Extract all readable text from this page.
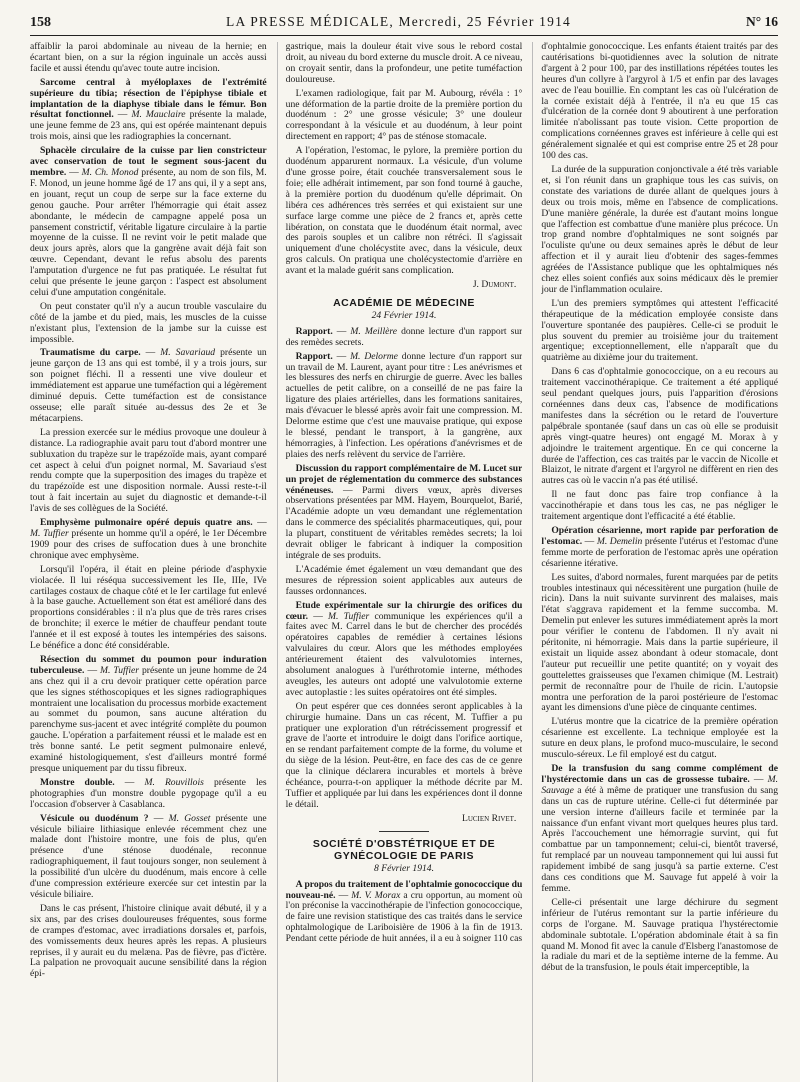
158	LA PRESSE MÉDICALE, Mercredi, 25 Février 1914	N° 16

affaiblir la paroi abdominale au niveau de la hernie; en écartant bien, on a sur la région inguinale un accès aussi facile et aussi étendu qu'avec toute autre incision.

Sarcome central à myéloplaxes de l'extrémité supérieure du tibia; résection de l'épiphyse tibiale et implantation de la diaphyse tibiale dans le fémur. Bon résultat fonctionnel. — M. Mauclaire présente la malade, une jeune femme de 23 ans, qui est opérée maintenant depuis trois mois, ainsi que les radiographies la concernant.

Sphacèle circulaire de la cuisse par lien constricteur avec conservation de tout le segment sous-jacent du membre. — M. Ch. Monod présente, au nom de son fils, M. F. Monod, un jeune homme âgé de 17 ans qui, il y a sept ans, en jouant, reçut un coup de serpe sur la face externe du genou gauche. Pour arrêter l'hémorragie qui était assez abondante, le médecin de campagne appelé posa un pansement constrictif, véritable ligature circulaire à la partie moyenne de la cuisse. Il ne revint voir le petit malade que deux jours après, alors que la gangrène avait déjà fait son œuvre. Cependant, devant le refus absolu des parents l'amputation d'urgence ne fut pas pratiquée. Le résultat fut celui que présente le jeune garçon : l'aspect est absolument celui d'une amputation congénitale.

On peut constater qu'il n'y a aucun trouble vasculaire du côté de la jambe et du pied, mais, les muscles de la cuisse n'existant plus, l'extension de la jambe sur la cuisse est impossible.

Traumatisme du carpe. — M. Savariaud présente un jeune garçon de 13 ans qui est tombé, il y a trois jours, sur son poignet fléchi. Il a ressenti une vive douleur et immédiatement est apparue une tuméfaction qui a légèrement diminué depuis. Cette tuméfaction est de consistance osseuse; elle paraît située au-dessus des 2e et 3e métacarpiens.

La pression exercée sur le médius provoque une douleur à distance. La radiographie avait paru tout d'abord montrer une subluxation du trapèze sur le trapézoïde mais, ayant comparé cet aspect à celui d'un poignet normal, M. Savariaud s'est rendu compte que la superposition des images du trapèze et du trapézoïde est une disposition normale. Aussi reste-t-il tout à fait incertain au sujet du diagnostic et demande-t-il l'avis de ses collègues de la Société.

Emphysème pulmonaire opéré depuis quatre ans. — M. Tuffier présente un homme qu'il a opéré, le 1er Décembre 1909 pour des crises de suffocation dues à une bronchite chronique avec emphysème.

Lorsqu'il l'opéra, il était en pleine période d'asphyxie violacée. Il lui réséqua successivement les IIe, IIIe, IVe cartilages costaux de chaque côté et le Ier cartilage fut enlevé à la base gauche. Actuellement son état est amélioré dans des proportions considérables : il n'a plus que de très rares crises de bronchite; il exerce le métier de chauffeur pendant toute l'année et il est exposé à toutes les intempéries des saisons. Le bénéfice a donc été considérable.

Résection du sommet du poumon pour induration tuberculeuse. — M. Tuffier présente un jeune homme de 24 ans chez qui il a cru devoir pratiquer cette opération parce que les signes stéthoscopiques et les signes radiographiques montraient une localisation du processus morbide exactement au sommet du poumon, sans aucune altération du parenchyme sus-jacent et avec intégrité complète du poumon gauche. L'opération a parfaitement réussi et le malade est en très bonne santé. Le petit segment pulmonaire enlevé, examiné histologiquement, s'est d'ailleurs montré formé presque uniquement par du tissu fibreux.

Monstre double. — M. Rouvillois présente les photographies d'un monstre double pygopage qu'il a eu l'occasion d'observer à Casablanca.

Vésicule ou duodénum ? — M. Gosset présente une vésicule biliaire lithiasique enlevée récemment chez une malade dont l'histoire montre, une fois de plus, qu'en présence d'une sténose duodénale, reconnue radiographiquement, il faut toujours songer, non seulement à la possibilité d'un ulcère du duodénum, mais encore à celle d'une compression extérieure exercée sur cet intestin par la vésicule biliaire.

Dans le cas présent, l'histoire clinique avait débuté, il y a six ans, par des crises douloureuses fréquentes, sous forme de crampes d'estomac, avec irradiations dorsales et, parfois, des vomissements deux heures après les repas. A plusieurs reprises, il y aurait eu du melæna. Pas de fièvre, pas d'ictère. La palpation ne provoquait aucune sensibilité dans la région épi-

gastrique, mais la douleur était vive sous le rebord costal droit, au niveau du bord externe du muscle droit. A ce niveau, on croyait sentir, dans la profondeur, une petite tuméfaction douloureuse.

L'examen radiologique, fait par M. Aubourg, révéla : 1° une déformation de la partie droite de la première portion du duodénum : 2° une grosse vésicule; 3° une douleur correspondant à la vésicule et au duodénum, à leur point directement en rapport; 4° pas de sténose stomacale.

A l'opération, l'estomac, le pylore, la première portion du duodénum apparurent normaux. La vésicule, d'un volume d'une grosse poire, était couchée transversalement sous le foie; elle adhérait intimement, par son fond tourné à gauche, à la première portion du duodénum qu'elle déprimait. On libéra ces adhérences très serrées et qui existaient sur une surface large comme une pièce de 2 francs et, après cette libération, on constata que le duodénum était normal, avec des parois souples et un calibre non rétréci. Il s'agissait uniquement d'une cholécystite avec, dans la vésicule, deux gros calculs. On pratiqua une cholécystectomie d'arrière en avant et la malade guérit sans complication.

J. Dumont.

ACADÉMIE DE MÉDECINE
24 Février 1914.

Rapport. — M. Meillère donne lecture d'un rapport sur des remèdes secrets.

Rapport. — M. Delorme donne lecture d'un rapport sur un travail de M. Laurent, ayant pour titre : Les anévrismes et les blessures des nerfs en chirurgie de guerre. Avec les balles actuelles de petit calibre, on a conseillé de ne pas faire la ligature des plaies artérielles, dans les formations sanitaires, mais d'évacuer le blessé après avoir fait une compression. M. Delorme estime que c'est une mauvaise pratique, qui expose le blessé, pendant le transport, à la gangrène, aux hémorragies, à l'infection. Les opérations d'anévrismes et de plaies des nerfs relèvent du service de l'arrière.

Discussion du rapport complémentaire de M. Lucet sur un projet de réglementation du commerce des substances vénéneuses. — Parmi divers vœux, après diverses observations présentées par MM. Hayem, Bourquelot, Barié, l'Académie adopte un vœu demandant une réglementation dans le commerce des spécialités pharmaceutiques, qui, pour la plupart, constituent de véritables remèdes secrets; la loi devrait obliger le fabricant à indiquer la composition intégrale de ses produits.

L'Académie émet également un vœu demandant que des mesures de répression soient applicables aux auteurs de fausses ordonnances.

Etude expérimentale sur la chirurgie des orifices du cœur. — M. Tuffier communique les expériences qu'il a faites avec M. Carrel dans le but de chercher des procédés opératoires capables de remédier à certaines lésions valvulaires du cœur. Alors que les méthodes employées antérieurement étaient des valvulotomies internes, absolument analogues à l'uréthrotomie interne, méthodes aveugles, les auteurs ont adopté une valvulotomie externe avec autoplastie : les suites opératoires ont été simples.

On peut espérer que ces données seront applicables à la chirurgie humaine. Dans un cas récent, M. Tuffier a pu pratiquer une exploration d'un rétrécissement progressif et grave de l'aorte et introduire le doigt dans l'orifice aortique, en se rendant parfaitement compte de la forme, du volume et du siège de la lésion. Peut-être, en face des cas de ce genre que la clinique déclarera incurables et mortels à brève échéance, pourra-t-on appliquer la méthode décrite par M. Tuffier et appliquée par lui dans les expériences dont il donne le détail.

Lucien Rivet.

SOCIÉTÉ D'OBSTÉTRIQUE ET DE GYNÉCOLOGIE DE PARIS
8 Février 1914.

A propos du traitement de l'ophtalmie gonococcique du nouveau-né. — M. V. Morax a cru opportun, au moment où l'on préconise la vaccinothérapie de l'infection gonococcique, de faire une revision statistique des cas traités dans le service ophtalmologique de Lariboisière de 1906 à la fin de 1913. Pendant cette période de huit années, il a eu à soigner 110 cas

d'ophtalmie gonococcique. Les enfants étaient traités par des cautérisations bi-quotidiennes avec la solution de nitrate d'argent à 2 pour 100, par des instillations répétées toutes les heures d'un collyre à l'argyrol à 1/5 et enfin par des lavages avec de l'eau bouillie. En comptant les cas où l'ulcération de la cornée existait déjà à l'entrée, il n'a eu que 15 cas d'ulcération de la cornée dont 9 aboutirent à une perforation limitée n'abolissant pas toute vision. Cette proportion de complications cornéennes graves est inférieure à celle qui est généralement signalée et qui est comprise entre 25 et 28 pour 100 des cas.

La durée de la suppuration conjonctivale a été très variable et, si l'on réunit dans un graphique tous les cas suivis, on constate des variations de durée allant de quelques jours à deux ou trois mois, même en l'absence de complications. D'une manière générale, la durée est d'autant moins longue que l'affection est combattue d'une manière plus précoce. Un trop grand nombre d'ophtalmiques ne sont soignés par l'oculiste qu'une ou deux semaines après le début de leur affection et il y aurait lieu d'obtenir des sages-femmes agréées de l'Assistance publique que les ophtalmiques nés chez elles soient confiés aux soins médicaux dès le premier jour de l'inflammation oculaire.

L'un des premiers symptômes qui attestent l'efficacité thérapeutique de la médication employée consiste dans l'ouverture spontanée des paupières. Celle-ci se produit le plus souvent du premier au troisième jour du traitement argentique; exceptionnellement, elle n'apparaît que du quatrième au dixième jour du traitement.

Dans 6 cas d'ophtalmie gonococcique, on a eu recours au traitement vaccinothérapique. Ce traitement a été appliqué seul pendant quelques jours, puis l'apparition d'érosions cornéennes dans deux cas, l'absence de modifications manifestes dans la sécrétion ou le retard de l'ouverture palpébrale spontanée (sauf dans un cas où elle se produisit après vingt-quatre heures) ont engagé M. Morax à y adjoindre le traitement argentique. En ce qui concerne la durée de l'affection, ces cas traités par le vaccin de Nicolle et Blaizot, le nitrate d'argent et l'argyrol ne diffèrent en rien des autres cas où le vaccin n'a pas été utilisé.

Il ne faut donc pas faire trop confiance à la vaccinothérapie et dans tous les cas, ne pas négliger le traitement argentique dont l'efficacité a été établie.

Opération césarienne, mort rapide par perforation de l'estomac. — M. Demelin présente l'utérus et l'estomac d'une femme morte de perforation de l'estomac après une opération césarienne itérative.

Les suites, d'abord normales, furent marquées par de petits troubles intestinaux qui nécessitèrent une purgation (huile de ricin). Dans la nuit suivante survinrent des malaises, mais l'état s'aggrava rapidement et la femme succomba. M. Demelin put enlever les sutures immédiatement après la mort pour vérifier le contenu de l'abdomen. Il n'y avait ni péritonite, ni hémorragie. Mais dans la partie supérieure, il existait un liquide assez abondant à odeur stomacale, dont l'auteur put recueillir une petite quantité; on y voyait des gouttelettes graisseuses que l'examen chimique (M. Lestrait) permit de reconnaître pour de l'huile de ricin. L'autopsie montra une perforation de la paroi postérieure de l'estomac ayant les dimensions d'une pièce de cinquante centimes.

L'utérus montre que la cicatrice de la première opération césarienne est excellente. La technique employée est la suture en deux plans, le profond muco-musculaire, le second musculo-séreux. Le fil employé est du catgut.

De la transfusion du sang comme complément de l'hystérectomie dans un cas de grossesse tubaire. — M. Sauvage a été à même de pratiquer une transfusion du sang dans un cas de rupture utérine. Celle-ci fut déterminée par une version interne d'ailleurs facile et terminée par la naissance d'un enfant vivant mort quelques heures plus tard. Après l'accouchement une hémorragie survint, qui fut combattue par un tamponnement; celui-ci, bientôt traversé, fut remplacé par un nouveau tamponnement qui lui aussi fut rapidement imbibé de sang jusqu'à sa partie externe. C'est dans ces conditions que M. Sauvage fut appelé à voir la femme.

Celle-ci présentait une large déchirure du segment inférieur de l'utérus remontant sur la partie inférieure du corps de l'organe. M. Sauvage pratiqua l'hystérectomie abdominale subtotale. L'opération abdominale était à sa fin quand M. Monod fit avec la canule d'Elsberg l'anastomose de la radiale du mari et de la septième interne de la femme. Au début de la transfusion, le pouls était imperceptible, la
